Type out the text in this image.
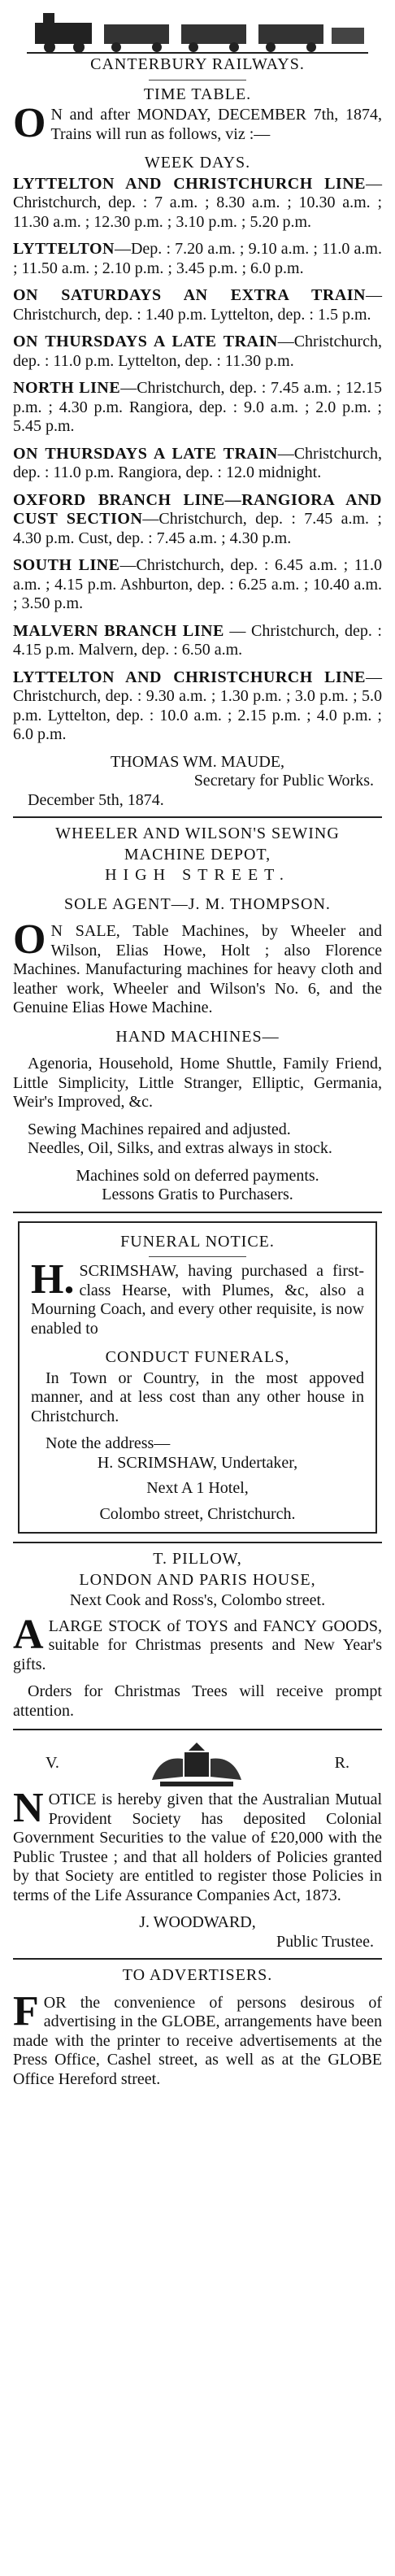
CANTERBURY RAILWAYS.
TIME TABLE.
O N and after MONDAY, DECEMBER 7th, 1874, Trains will run as follows, viz :—
WEEK DAYS.
LYTTELTON AND CHRISTCHURCH LINE—Christchurch, dep. : 7 a.m. ; 8.30 a.m. ; 10.30 a.m. ; 11.30 a.m. ; 12.30 p.m. ; 3.10 p.m. ; 5.20 p.m.
LYTTELTON—Dep. : 7.20 a.m. ; 9.10 a.m. ; 11.0 a.m. ; 11.50 a.m. ; 2.10 p.m. ; 3.45 p.m. ; 6.0 p.m.
ON SATURDAYS AN EXTRA TRAIN—Christchurch, dep. : 1.40 p.m. Lyttelton, dep. : 1.5 p.m.
ON THURSDAYS A LATE TRAIN—Christchurch, dep. : 11.0 p.m. Lyttelton, dep. : 11.30 p.m.
NORTH LINE—Christchurch, dep. : 7.45 a.m. ; 12.15 p.m. ; 4.30 p.m. Rangiora, dep. : 9.0 a.m. ; 2.0 p.m. ; 5.45 p.m.
ON THURSDAYS A LATE TRAIN—Christchurch, dep. : 11.0 p.m. Rangiora, dep. : 12.0 midnight.
OXFORD BRANCH LINE—RANGIORA AND CUST SECTION—Christchurch, dep. : 7.45 a.m. ; 4.30 p.m. Cust, dep. : 7.45 a.m. ; 4.30 p.m.
SOUTH LINE—Christchurch, dep. : 6.45 a.m. ; 11.0 a.m. ; 4.15 p.m. Ashburton, dep. : 6.25 a.m. ; 10.40 a.m. ; 3.50 p.m.
MALVERN BRANCH LINE — Christchurch, dep. : 4.15 p.m. Malvern, dep. : 6.50 a.m.
LYTTELTON AND CHRISTCHURCH LINE—Christchurch, dep. : 9.30 a.m. ; 1.30 p.m. ; 3.0 p.m. ; 5.0 p.m. Lyttelton, dep. : 10.0 a.m. ; 2.15 p.m. ; 4.0 p.m. ; 6.0 p.m.
THOMAS WM. MAUDE,
Secretary for Public Works.
December 5th, 1874.
WHEELER AND WILSON'S SEWING
MACHINE DEPOT,
HIGH STREET.
SOLE AGENT—J. M. THOMPSON.
O N SALE, Table Machines, by Wheeler and Wilson, Elias Howe, Holt ; also Florence Machines. Manufacturing machines for heavy cloth and leather work, Wheeler and Wilson's No. 6, and the Genuine Elias Howe Machine.
HAND MACHINES—
Agenoria, Household, Home Shuttle, Family Friend, Little Simplicity, Little Stranger, Elliptic, Germania, Weir's Improved, &c.
Sewing Machines repaired and adjusted.
Needles, Oil, Silks, and extras always in stock.
Machines sold on deferred payments.
Lessons Gratis to Purchasers.
FUNERAL NOTICE.
H. SCRIMSHAW, having purchased a first-class Hearse, with Plumes, &c, also a Mourning Coach, and every other requisite, is now enabled to
CONDUCT FUNERALS,
In Town or Country, in the most appoved manner, and at less cost than any other house in Christchurch.
Note the address—
H. SCRIMSHAW, Undertaker,
Next A 1 Hotel,
Colombo street, Christchurch.
T. PILLOW,
LONDON AND PARIS HOUSE,
Next Cook and Ross's, Colombo street.
A LARGE STOCK of TOYS and FANCY GOODS, suitable for Christmas presents and New Year's gifts.
Orders for Christmas Trees will receive prompt attention.
V.	R.
N OTICE is hereby given that the Australian Mutual Provident Society has deposited Colonial Government Securities to the value of £20,000 with the Public Trustee ; and that all holders of Policies granted by that Society are entitled to register those Policies in terms of the Life Assurance Companies Act, 1873.
J. WOODWARD,
Public Trustee.
TO ADVERTISERS.
F OR the convenience of persons desirous of advertising in the GLOBE, arrangements have been made with the printer to receive advertisements at the Press Office, Cashel street, as well as at the GLOBE Office Hereford street.
